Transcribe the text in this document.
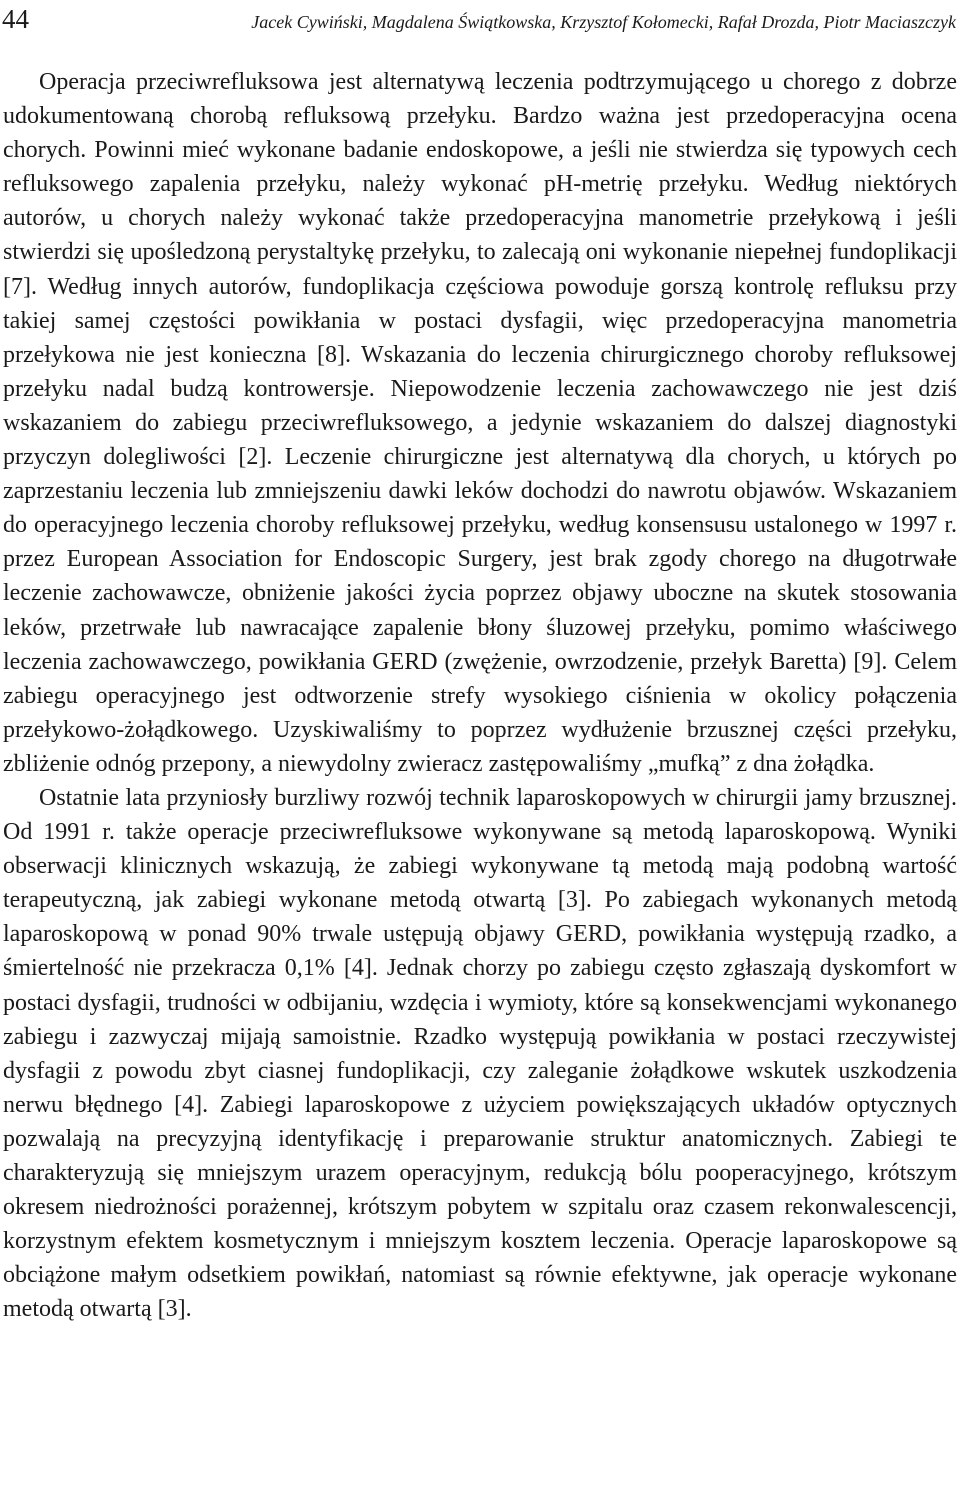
44	Jacek Cywiński, Magdalena Świątkowska, Krzysztof Kołomecki, Rafał Drozda, Piotr Maciaszczyk

Operacja przeciwrefluksowa jest alternatywą leczenia podtrzymującego u chorego z dobrze udokumentowaną chorobą refluksową przełyku. Bardzo ważna jest przedoperacyjna ocena chorych. Powinni mieć wykonane badanie endoskopowe, a jeśli nie stwierdza się typowych cech refluksowego zapalenia przełyku, należy wykonać pH-metrię przełyku. Według niektórych autorów, u chorych należy wykonać także przedoperacyjna manometrie przełykową i jeśli stwierdzi się upośledzoną perystaltykę przełyku, to zalecają oni wykonanie niepełnej fundoplikacji [7]. Według innych autorów, fundoplikacja częściowa powoduje gorszą kontrolę refluksu przy takiej samej częstości powikłania w postaci dysfagii, więc przedoperacyjna manometria przełykowa nie jest konieczna [8]. Wskazania do leczenia chirurgicznego choroby refluksowej przełyku nadal budzą kontrowersje. Niepowodzenie leczenia zachowawczego nie jest dziś wskazaniem do zabiegu przeciwrefluksowego, a jedynie wskazaniem do dalszej diagnostyki przyczyn dolegliwości [2]. Leczenie chirurgiczne jest alternatywą dla chorych, u których po zaprzestaniu leczenia lub zmniejszeniu dawki leków dochodzi do nawrotu objawów. Wskazaniem do operacyjnego leczenia choroby refluksowej przełyku, według konsensusu ustalonego w 1997 r. przez European Association for Endoscopic Surgery, jest brak zgody chorego na długotrwałe leczenie zachowawcze, obniżenie jakości życia poprzez objawy uboczne na skutek stosowania leków, przetrwałe lub nawracające zapalenie błony śluzowej przełyku, pomimo właściwego leczenia zachowawczego, powikłania GERD (zwężenie, owrzodzenie, przełyk Baretta) [9]. Celem zabiegu operacyjnego jest odtworzenie strefy wysokiego ciśnienia w okolicy połączenia przełykowo-żołądkowego. Uzyskiwaliśmy to poprzez wydłużenie brzusznej części przełyku, zbliżenie odnóg przepony, a niewydolny zwieracz zastępowaliśmy „mufką” z dna żołądka.

Ostatnie lata przyniosły burzliwy rozwój technik laparoskopowych w chirurgii jamy brzusznej. Od 1991 r. także operacje przeciwrefluksowe wykonywane są metodą laparoskopową. Wyniki obserwacji klinicznych wskazują, że zabiegi wykonywane tą metodą mają podobną wartość terapeutyczną, jak zabiegi wykonane metodą otwartą [3]. Po zabiegach wykonanych metodą laparoskopową w ponad 90% trwale ustępują objawy GERD, powikłania występują rzadko, a śmiertelność nie przekracza 0,1% [4]. Jednak chorzy po zabiegu często zgłaszają dyskomfort w postaci dysfagii, trudności w odbijaniu, wzdęcia i wymioty, które są konsekwencjami wykonanego zabiegu i zazwyczaj mijają samoistnie. Rzadko występują powikłania w postaci rzeczywistej dysfagii z powodu zbyt ciasnej fundoplikacji, czy zaleganie żołądkowe wskutek uszkodzenia nerwu błędnego [4]. Zabiegi laparoskopowe z użyciem powiększających układów optycznych pozwalają na precyzyjną identyfikację i preparowanie struktur anatomicznych. Zabiegi te charakteryzują się mniejszym urazem operacyjnym, redukcją bólu pooperacyjnego, krótszym okresem niedrożności porażennej, krótszym pobytem w szpitalu oraz czasem rekonwalescencji, korzystnym efektem kosmetycznym i mniejszym kosztem leczenia. Operacje laparoskopowe są obciążone małym odsetkiem powikłań, natomiast są równie efektywne, jak operacje wykonane metodą otwartą [3].
